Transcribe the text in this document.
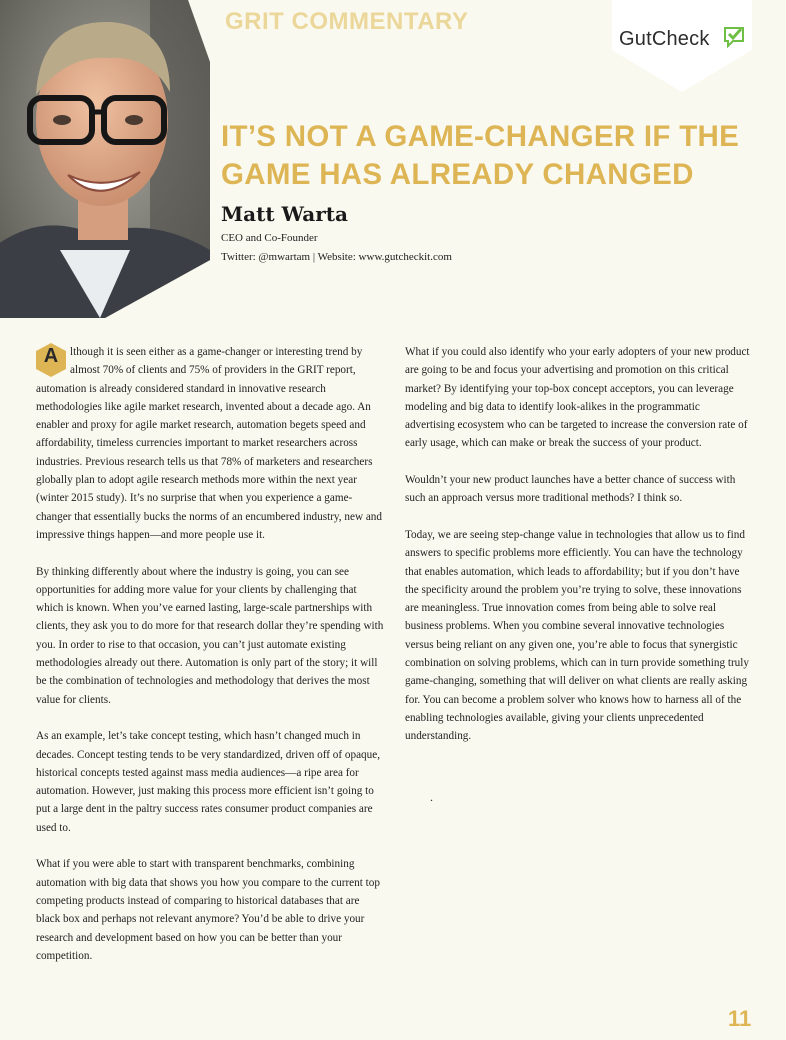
GRIT COMMENTARY
GutCheck
IT’S NOT A GAME-CHANGER IF THE
GAME HAS ALREADY CHANGED
Matt Warta
CEO and Co-Founder
Twitter: @mwartam | Website: www.gutcheckit.com

A	lthough it is seen either as a game-changer or interesting trend by almost 70% of clients and 75% of providers in the GRIT report, automation is already considered standard in innovative research methodologies like agile market research, invented about a decade ago. An enabler and proxy for agile market research, automation begets speed and affordability, timeless currencies important to market researchers across industries. Previous research tells us that 78% of marketers and researchers globally plan to adopt agile research methods more within the next year (winter 2015 study). It’s no surprise that when you experience a game-changer that essentially bucks the norms of an encumbered industry, new and impressive things happen—and more people use it.

By thinking differently about where the industry is going, you can see opportunities for adding more value for your clients by challenging that which is known. When you’ve earned lasting, large-scale partnerships with clients, they ask you to do more for that research dollar they’re spending with you. In order to rise to that occasion, you can’t just automate existing methodologies already out there. Automation is only part of the story; it will be the combination of technologies and methodology that derives the most value for clients.

As an example, let’s take concept testing, which hasn’t changed much in decades. Concept testing tends to be very standardized, driven off of opaque, historical concepts tested against mass media audiences—a ripe area for automation. However, just making this process more efficient isn’t going to put a large dent in the paltry success rates consumer product companies are used to.

What if you were able to start with transparent benchmarks, combining automation with big data that shows you how you compare to the current top competing products instead of comparing to historical databases that are black box and perhaps not relevant anymore? You’d be able to drive your research and development based on how you can be better than your competition.

What if you could also identify who your early adopters of your new product are going to be and focus your advertising and promotion on this critical market? By identifying your top-box concept acceptors, you can leverage modeling and big data to identify look-alikes in the programmatic advertising ecosystem who can be targeted to increase the conversion rate of early usage, which can make or break the success of your product.

Wouldn’t your new product launches have a better chance of success with such an approach versus more traditional methods? I think so.

Today, we are seeing step-change value in technologies that allow us to find answers to specific problems more efficiently. You can have the technology that enables automation, which leads to affordability; but if you don’t have the specificity around the problem you’re trying to solve, these innovations are meaningless. True innovation comes from being able to solve real business problems. When you combine several innovative technologies versus being reliant on any given one, you’re able to focus that synergistic combination on solving problems, which can in turn provide something truly game-changing, something that will deliver on what clients are really asking for. You can become a problem solver who knows how to harness all of the enabling technologies available, giving your clients unprecedented understanding.

.
11
